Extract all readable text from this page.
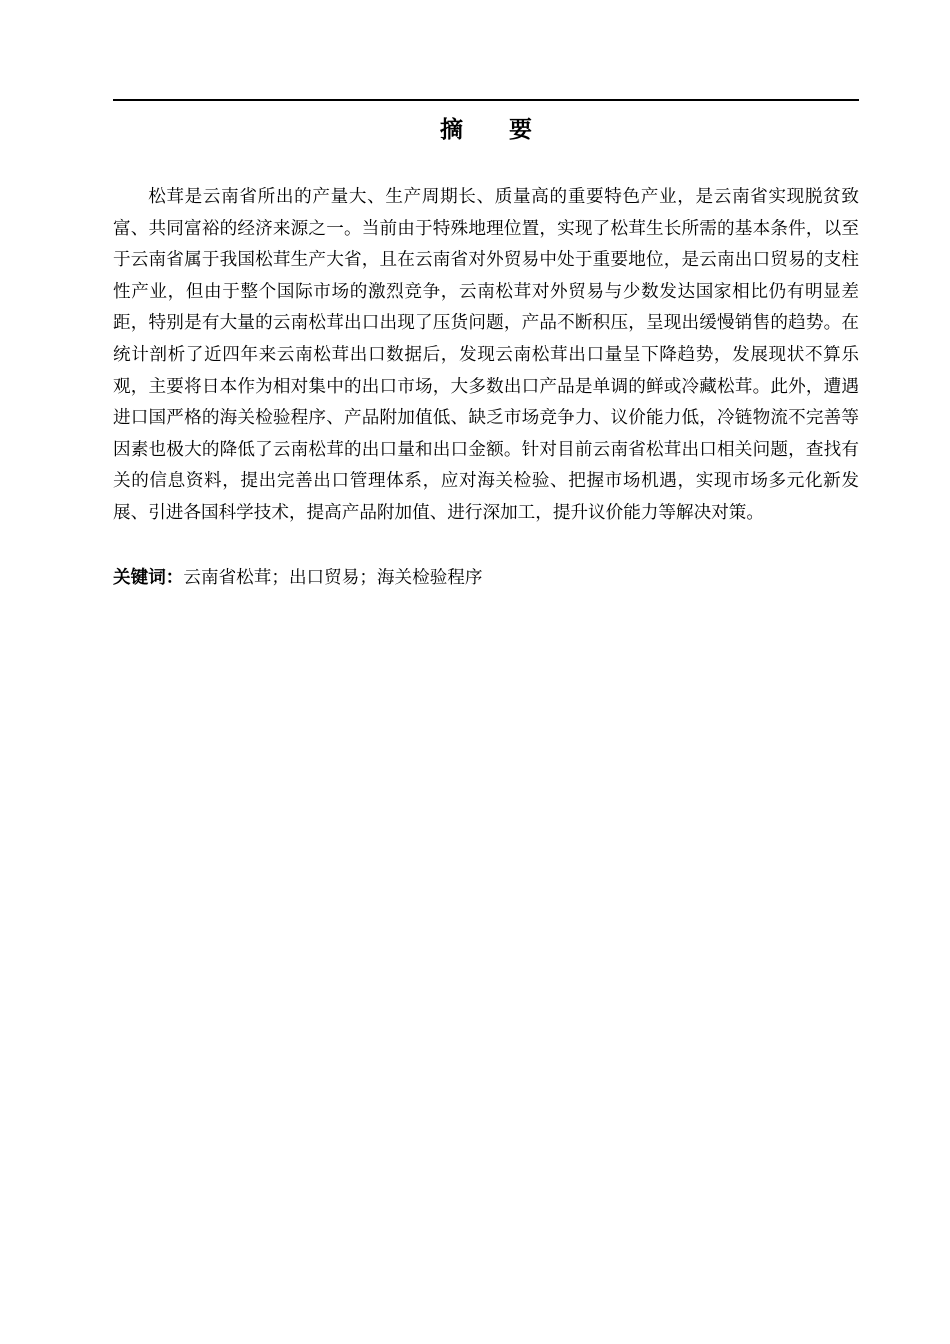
摘 要

松茸是云南省所出的产量大、生产周期长、质量高的重要特色产业，是云南省实现脱贫致富、共同富裕的经济来源之一。当前由于特殊地理位置，实现了松茸生长所需的基本条件，以至于云南省属于我国松茸生产大省，且在云南省对外贸易中处于重要地位，是云南出口贸易的支柱性产业，但由于整个国际市场的激烈竞争，云南松茸对外贸易与少数发达国家相比仍有明显差距，特别是有大量的云南松茸出口出现了压货问题，产品不断积压，呈现出缓慢销售的趋势。在统计剖析了近四年来云南松茸出口数据后，发现云南松茸出口量呈下降趋势，发展现状不算乐观，主要将日本作为相对集中的出口市场，大多数出口产品是单调的鲜或冷藏松茸。此外，遭遇进口国严格的海关检验程序、产品附加值低、缺乏市场竞争力、议价能力低，冷链物流不完善等因素也极大的降低了云南松茸的出口量和出口金额。针对目前云南省松茸出口相关问题，查找有关的信息资料，提出完善出口管理体系，应对海关检验、把握市场机遇，实现市场多元化新发展、引进各国科学技术，提高产品附加值、进行深加工，提升议价能力等解决对策。

关键词：云南省松茸；出口贸易；海关检验程序
